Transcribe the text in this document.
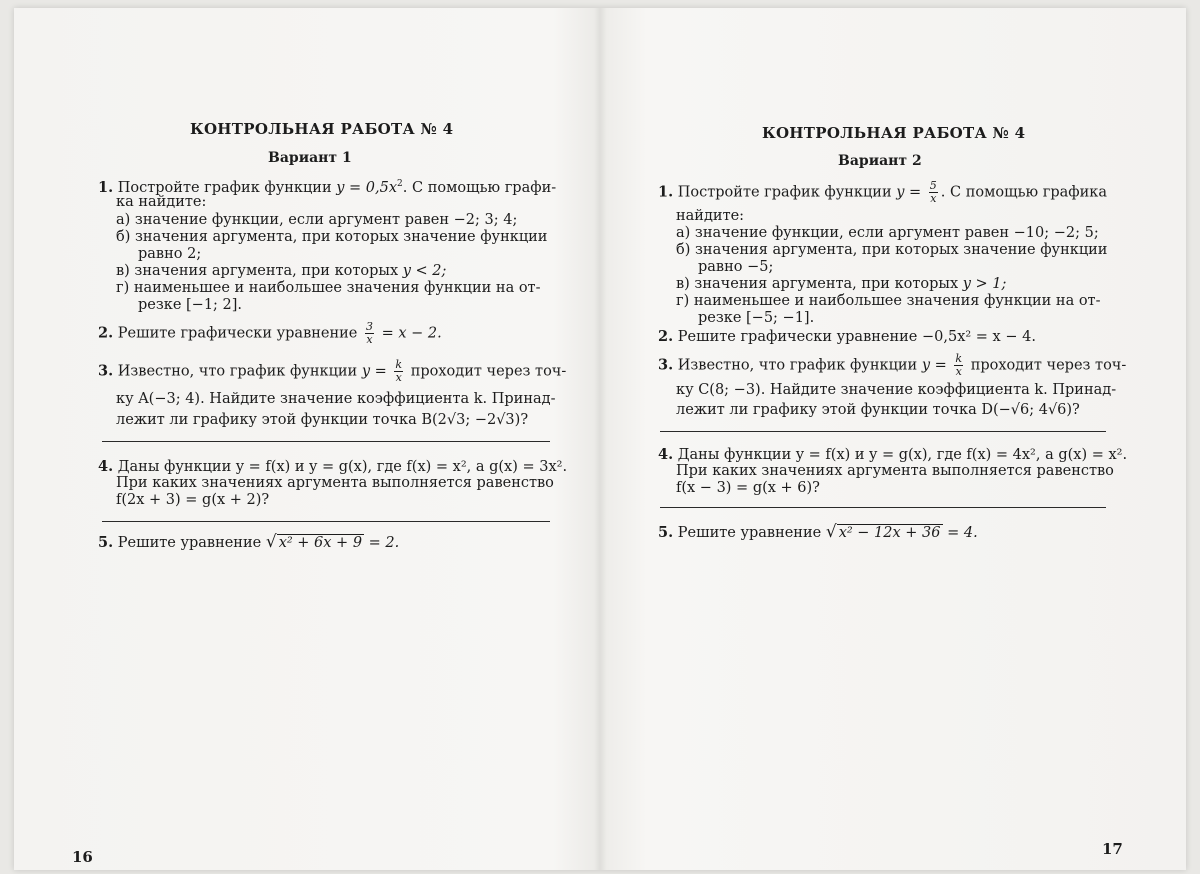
КОНТРОЛЬНАЯ РАБОТА № 4
Вариант 1
1. Постройте график функции $y = 0,5x^2$. С помощью графи-
ка найдите:
а) значение функции, если аргумент равен −2; 3; 4;
б) значения аргумента, при которых значение функции
равно 2;
в) значения аргумента, при которых y < 2;
г) наименьшее и наибольшее значения функции на от-
резке [−1; 2].
2. Решите графически уравнение $\frac{3}{x} = x - 2$.
3. Известно, что график функции $y = \frac{k}{x}$ проходит через точ-
ку A(−3; 4). Найдите значение коэффициента k. Принад-
лежит ли графику этой функции точка B(2√3; −2√3)?
4. Даны функции y = f(x) и y = g(x), где f(x) = x², а g(x) = 3x².
При каких значениях аргумента выполняется равенство
f(2x + 3) = g(x + 2)?
5. Решите уравнение √ x² + 6x + 9 = 2.
16
КОНТРОЛЬНАЯ РАБОТА № 4
Вариант 2
1. Постройте график функции $y = \frac{5}{x}$ . С помощью графика
найдите:
а) значение функции, если аргумент равен −10; −2; 5;
б) значения аргумента, при которых значение функции
равно −5;
в) значения аргумента, при которых y > 1;
г) наименьшее и наибольшее значения функции на от-
резке [−5; −1].
2. Решите графически уравнение −0,5x² = x − 4.
3. Известно, что график функции $y = \frac{k}{x}$ проходит через точ-
ку C(8; −3). Найдите значение коэффициента k. Принад-
лежит ли графику этой функции точка D(−√6; 4√6)?
4. Даны функции y = f(x) и y = g(x), где f(x) = 4x², а g(x) = x².
При каких значениях аргумента выполняется равенство
f(x − 3) = g(x + 6)?
5. Решите уравнение √ x² − 12x + 36 = 4.
17
